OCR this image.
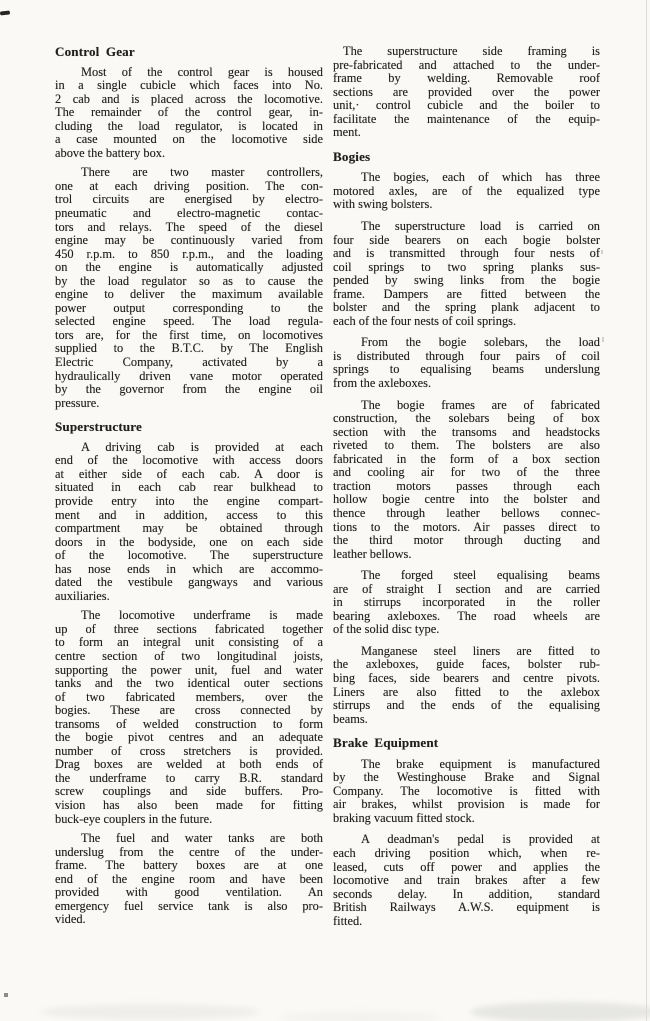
Control Gear
Most of the control gear is housed
in a single cubicle which faces into No.
2 cab and is placed across the locomotive.
The remainder of the control gear, in-
cluding the load regulator, is located in
a case mounted on the locomotive side
above the battery box.
There are two master controllers,
one at each driving position. The con-
trol circuits are energised by electro-
pneumatic and electro-magnetic contac-
tors and relays. The speed of the diesel
engine may be continuously varied from
450 r.p.m. to 850 r.p.m., and the loading
on the engine is automatically adjusted
by the load regulator so as to cause the
engine to deliver the maximum available
power output corresponding to the
selected engine speed. The load regula-
tors are, for the first time, on locomotives
supplied to the B.T.C. by The English
Electric Company, activated by a
hydraulically driven vane motor operated
by the governor from the engine oil
pressure.
Superstructure
A driving cab is provided at each
end of the locomotive with access doors
at either side of each cab. A door is
situated in each cab rear bulkhead to
provide entry into the engine compart-
ment and in addition, access to this
compartment may be obtained through
doors in the bodyside, one on each side
of the locomotive. The superstructure
has nose ends in which are accommo-
dated the vestibule gangways and various
auxiliaries.
The locomotive underframe is made
up of three sections fabricated together
to form an integral unit consisting of a
centre section of two longitudinal joists,
supporting the power unit, fuel and water
tanks and the two identical outer sections
of two fabricated members, over the
bogies. These are cross connected by
transoms of welded construction to form
the bogie pivot centres and an adequate
number of cross stretchers is provided.
Drag boxes are welded at both ends of
the underframe to carry B.R. standard
screw couplings and side buffers. Pro-
vision has also been made for fitting
buck-eye couplers in the future.
The fuel and water tanks are both
underslug from the centre of the under-
frame. The battery boxes are at one
end of the engine room and have been
provided with good ventilation. An
emergency fuel service tank is also pro-
vided.
The superstructure side framing is
pre-fabricated and attached to the under-
frame by welding. Removable roof
sections are provided over the power
unit,· control cubicle and the boiler to
facilitate the maintenance of the equip-
ment.
Bogies
The bogies, each of which has three
motored axles, are of the equalized type
with swing bolsters.
The superstructure load is carried on
four side bearers on each bogie bolster
and is transmitted through four nests of
coil springs to two spring planks sus-
pended by swing links from the bogie
frame. Dampers are fitted between the
bolster and the spring plank adjacent to
each of the four nests of coil springs.
From the bogie solebars, the load
is distributed through four pairs of coil
springs to equalising beams underslung
from the axleboxes.
The bogie frames are of fabricated
construction, the solebars being of box
section with the transoms and headstocks
riveted to them. The bolsters are also
fabricated in the form of a box section
and cooling air for two of the three
traction motors passes through each
hollow bogie centre into the bolster and
thence through leather bellows connec-
tions to the motors. Air passes direct to
the third motor through ducting and
leather bellows.
The forged steel equalising beams
are of straight I section and are carried
in stirrups incorporated in the roller
bearing axleboxes. The road wheels are
of the solid disc type.
Manganese steel liners are fitted to
the axleboxes, guide faces, bolster rub-
bing faces, side bearers and centre pivots.
Liners are also fitted to the axlebox
stirrups and the ends of the equalising
beams.
Brake Equipment
The brake equipment is manufactured
by the Westinghouse Brake and Signal
Company. The locomotive is fitted with
air brakes, whilst provision is made for
braking vacuum fitted stock.
A deadman's pedal is provided at
each driving position which, when re-
leased, cuts off power and applies the
locomotive and train brakes after a few
seconds delay. In addition, standard
British Railways A.W.S. equipment is
fitted.
